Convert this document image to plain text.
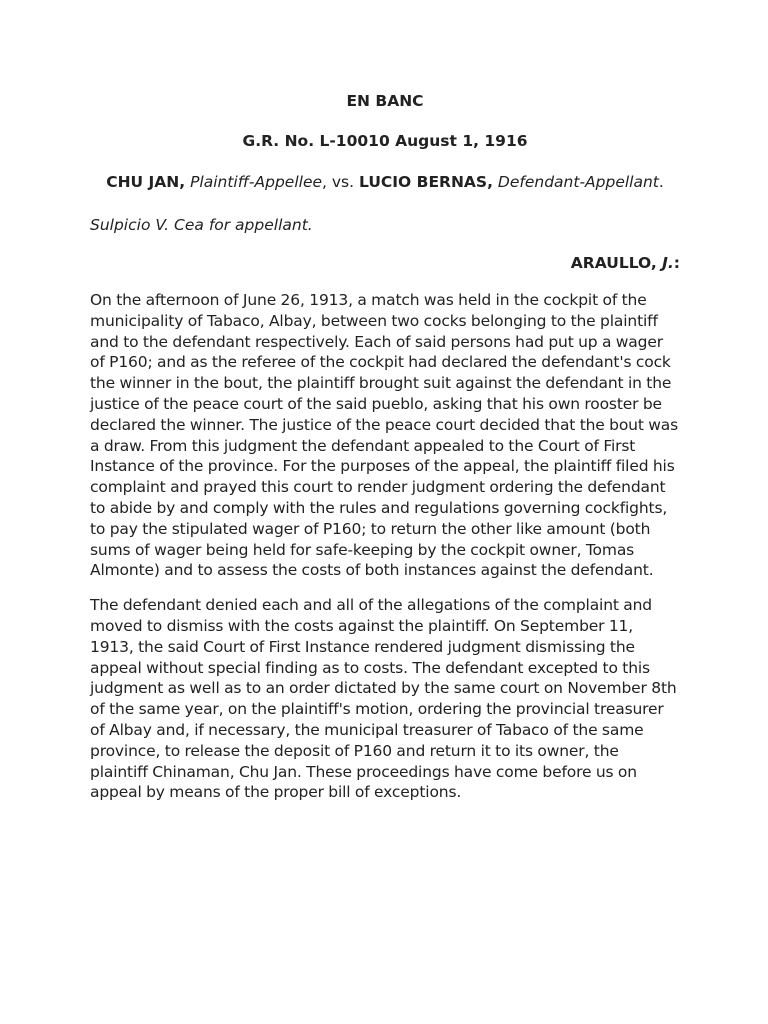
EN BANC

G.R. No. L-10010 August 1, 1916

CHU JAN, Plaintiff-Appellee, vs. LUCIO BERNAS, Defendant-Appellant.

Sulpicio V. Cea for appellant.

ARAULLO, J.:

On the afternoon of June 26, 1913, a match was held in the cockpit of the municipality of Tabaco, Albay, between two cocks belonging to the plaintiff and to the defendant respectively. Each of said persons had put up a wager of P160; and as the referee of the cockpit had declared the defendant's cock the winner in the bout, the plaintiff brought suit against the defendant in the justice of the peace court of the said pueblo, asking that his own rooster be declared the winner. The justice of the peace court decided that the bout was a draw. From this judgment the defendant appealed to the Court of First Instance of the province. For the purposes of the appeal, the plaintiff filed his complaint and prayed this court to render judgment ordering the defendant to abide by and comply with the rules and regulations governing cockfights, to pay the stipulated wager of P160; to return the other like amount (both sums of wager being held for safe-keeping by the cockpit owner, Tomas Almonte) and to assess the costs of both instances against the defendant.

The defendant denied each and all of the allegations of the complaint and moved to dismiss with the costs against the plaintiff. On September 11, 1913, the said Court of First Instance rendered judgment dismissing the appeal without special finding as to costs. The defendant excepted to this judgment as well as to an order dictated by the same court on November 8th of the same year, on the plaintiff's motion, ordering the provincial treasurer of Albay and, if necessary, the municipal treasurer of Tabaco of the same province, to release the deposit of P160 and return it to its owner, the plaintiff Chinaman, Chu Jan. These proceedings have come before us on appeal by means of the proper bill of exceptions.
